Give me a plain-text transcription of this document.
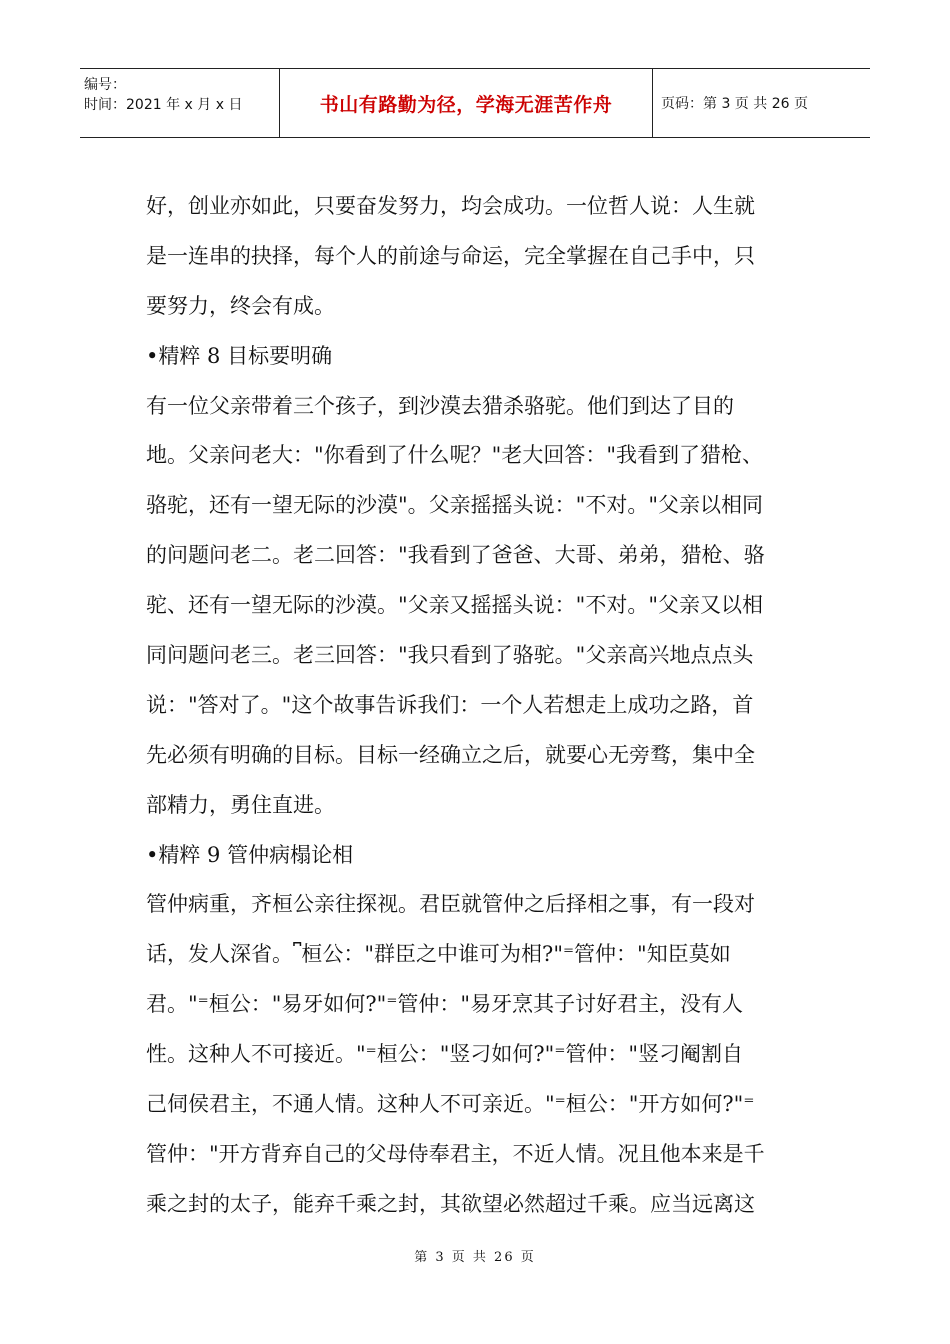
编号：
时间：2021 年 x 月 x 日	书山有路勤为径，学海无涯苦作舟	页码：第 3 页 共 26 页
好，创业亦如此，只要奋发努力，均会成功。一位哲人说：人生就
是一连串的抉择，每个人的前途与命运，完全掌握在自己手中，只
要努力，终会有成。
•精粹 8 目标要明确
有一位父亲带着三个孩子，到沙漠去猎杀骆驼。他们到达了目的
地。父亲问老大："你看到了什么呢？"老大回答："我看到了猎枪、
骆驼，还有一望无际的沙漠"。父亲摇摇头说："不对。"父亲以相同
的问题问老二。老二回答："我看到了爸爸、大哥、弟弟，猎枪、骆
驼、还有一望无际的沙漠。"父亲又摇摇头说："不对。"父亲又以相
同问题问老三。老三回答："我只看到了骆驼。"父亲高兴地点点头
说："答对了。"这个故事告诉我们：一个人若想走上成功之路，首
先必须有明确的目标。目标一经确立之后，就要心无旁骛，集中全
部精力，勇住直进。
•精粹 9 管仲病榻论相
管仲病重，齐桓公亲往探视。君臣就管仲之后择相之事，有一段对
话，发人深省。⎴桓公："群臣之中谁可为相?"⁼管仲："知臣莫如
君。"⁼桓公："易牙如何?"⁼管仲："易牙烹其子讨好君主，没有人
性。这种人不可接近。"⁼桓公："竖刁如何?"⁼管仲："竖刁阉割自
己伺侯君主，不通人情。这种人不可亲近。"⁼桓公："开方如何?"⁼
管仲："开方背弃自己的父母侍奉君主，不近人情。况且他本来是千
乘之封的太子，能弃千乘之封，其欲望必然超过千乘。应当远离这
第 3 页 共 26 页
